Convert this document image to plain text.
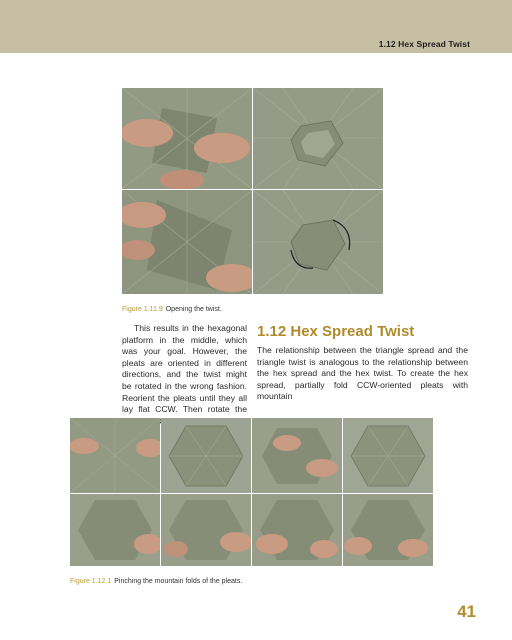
1.12 Hex Spread Twist
Figure 1.11.9 Opening the twist.
This results in the hexagonal platform in the middle, which was your goal. However, the pleats are oriented in different directions, and the twist might be rotated in the wrong fashion. Reorient the pleats until they all lay flat CCW. Then rotate the
1.12 Hex Spread Twist
The relationship between the triangle spread and the triangle twist is analogous to the relationship between the hex spread and the hex twist. To create the hex spread, partially fold CCW-oriented pleats with mountain
Figure 1.12.1 Pinching the mountain folds of the pleats.
41
